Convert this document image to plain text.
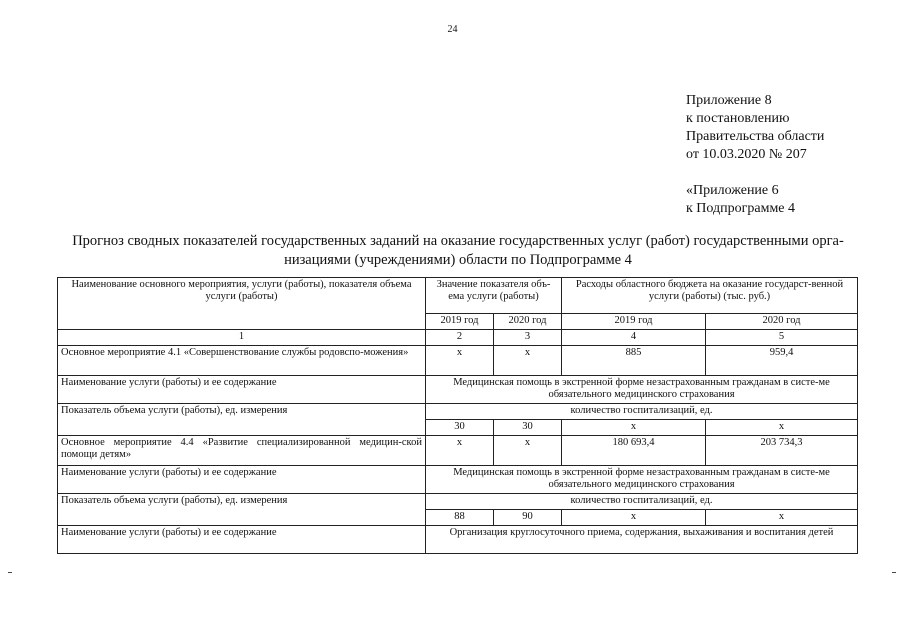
24
Приложение 8
к постановлению
Правительства области
от 10.03.2020 № 207
«Приложение 6
к Подпрограмме 4
Прогноз сводных показателей государственных заданий на оказание государственных услуг (работ) государственными орга-
низациями (учреждениями) области по Подпрограмме 4
Наименование основного мероприятия, услуги (работы), показателя объема услуги (работы)	Значение показателя объ-ема услуги (работы)		Расходы областного бюджета на оказание государст-венной услуги (работы) (тыс. руб.)	
	2019 год	2020 год	2019 год	2020 год
1	2	3	4	5
Основное мероприятие 4.1 «Совершенствование службы родовспо-можения»	х	х	885	959,4
Наименование услуги (работы) и ее содержание	Медицинская помощь в экстренной форме незастрахованным гражданам в систе-ме обязательного медицинского страхования			
Показатель объема услуги (работы), ед. измерения	количество госпитализаций, ед.			
	30	30	х	х
Основное мероприятие 4.4 «Развитие специализированной медицин-ской помощи детям»	х	х	180 693,4	203 734,3
Наименование услуги (работы) и ее содержание	Медицинская помощь в экстренной форме незастрахованным гражданам в систе-ме обязательного медицинского страхования			
Показатель объема услуги (работы), ед. измерения	количество госпитализаций, ед.			
	88	90	х	х
Наименование услуги (работы) и ее содержание	Организация круглосуточного приема, содержания, выхаживания и воспитания детей			
